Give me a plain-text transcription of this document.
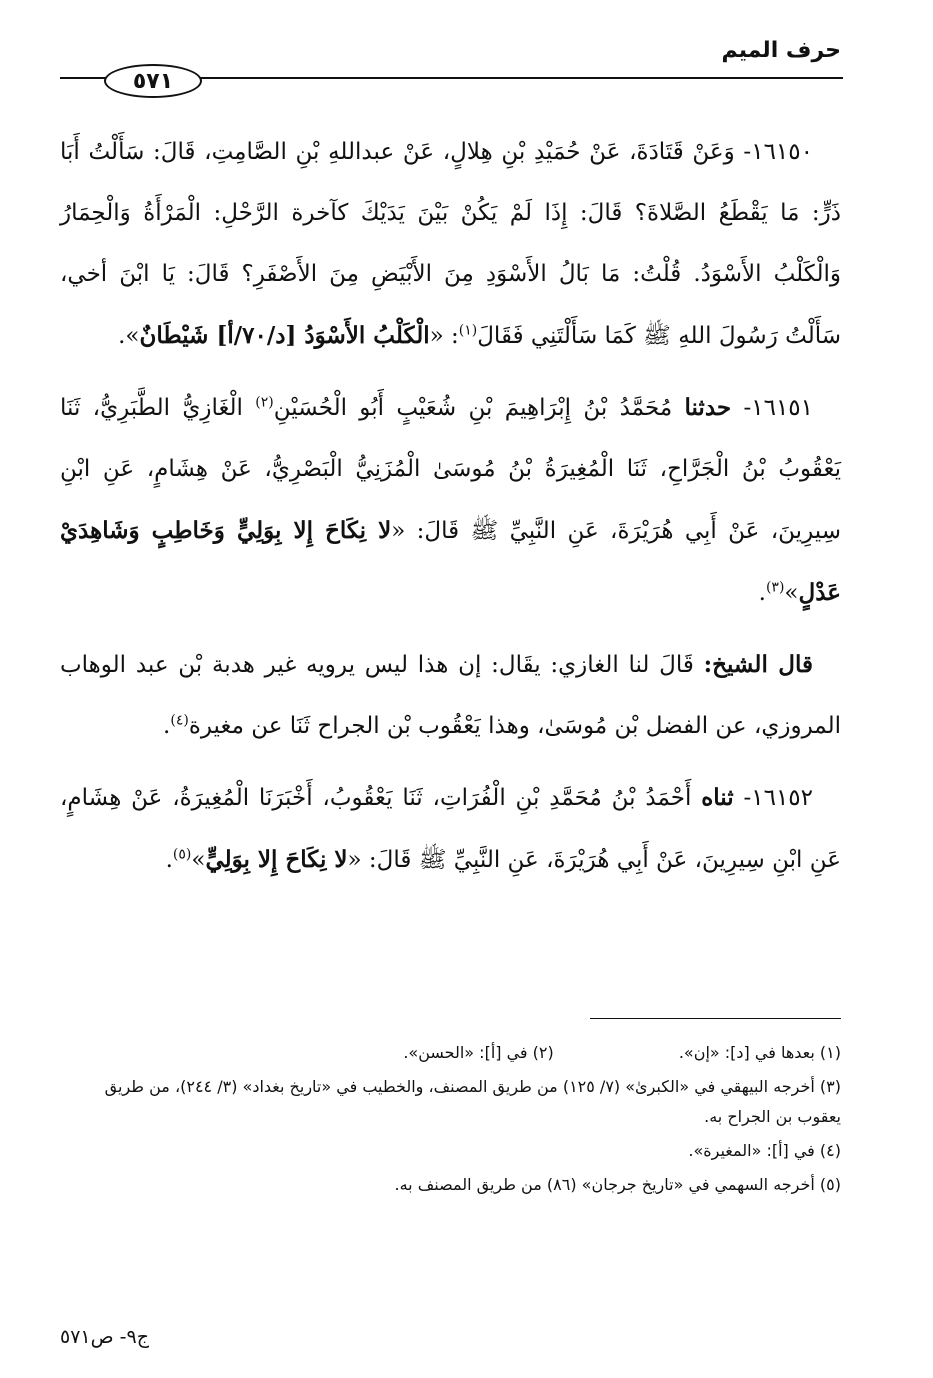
حرف الميم
٥٧١

١٦١٥٠- وَعَنْ قَتَادَةَ، عَنْ حُمَيْدِ بْنِ هِلالٍ، عَنْ عبداللهِ بْنِ الصَّامِتِ، قَالَ: سَأَلْتُ أَبَا ذَرٍّ: مَا يَقْطَعُ الصَّلاةَ؟ قَالَ: إِذَا لَمْ يَكُنْ بَيْنَ يَدَيْكَ كآخرة الرَّحْلِ: الْمَرْأَةُ وَالْحِمَارُ وَالْكَلْبُ الأَسْوَدُ. قُلْتُ: مَا بَالُ الأَسْوَدِ مِنَ الأَبْيَضِ مِنَ الأَصْفَرِ؟ قَالَ: يَا ابْنَ أخي، سَأَلْتُ رَسُولَ اللهِ ﷺ كَمَا سَأَلْتَنِي فَقَالَ$^{(١)}$: «الْكَلْبُ الأَسْوَدُ [د/٧٠/أ] شَيْطَانٌ».

١٦١٥١- حدثنا مُحَمَّدُ بْنُ إِبْرَاهِيمَ بْنِ شُعَيْبٍ أَبُو الْحُسَيْنِ$^{(٢)}$ الْغَازِيُّ الطَّبَرِيُّ، ثَنَا يَعْقُوبُ بْنُ الْجَرَّاحِ، ثَنَا الْمُغِيرَةُ بْنُ مُوسَىٰ الْمُزَنِيُّ الْبَصْرِيُّ، عَنْ هِشَامٍ، عَنِ ابْنِ سِيرِينَ، عَنْ أَبِي هُرَيْرَةَ، عَنِ النَّبِيِّ ﷺ قَالَ: «لا نِكَاحَ إِلا بِوَلِيٍّ وَخَاطِبٍ وَشَاهِدَيْ عَدْلٍ»$^{(٣)}$.

قال الشيخ: قَالَ لنا الغازي: يقَال: إن هذا ليس يرويه غير هدبة بْن عبد الوهاب المروزي، عن الفضل بْن مُوسَىٰ، وهذا يَعْقُوب بْن الجراح ثَنَا عن مغيرة$^{(٤)}$.

١٦١٥٢- ثناه أَحْمَدُ بْنُ مُحَمَّدِ بْنِ الْفُرَاتِ، ثَنَا يَعْقُوبُ، أَخْبَرَنَا الْمُغِيرَةُ، عَنْ هِشَامٍ، عَنِ ابْنِ سِيرِينَ، عَنْ أَبِي هُرَيْرَةَ، عَنِ النَّبِيِّ ﷺ قَالَ: «لا نِكَاحَ إِلا بِوَلِيٍّ»$^{(٥)}$.

(١) بعدها في [د]: «إن». (٢) في [أ]: «الحسن».
(٣) أخرجه البيهقي في «الكبرىٰ» (٧/ ١٢٥) من طريق المصنف، والخطيب في «تاريخ بغداد» (٣/ ٢٤٤)، من طريق يعقوب بن الجراح به.
(٤) في [أ]: «المغيرة».
(٥) أخرجه السهمي في «تاريخ جرجان» (٨٦) من طريق المصنف به.
ج٩- ص٥٧١
